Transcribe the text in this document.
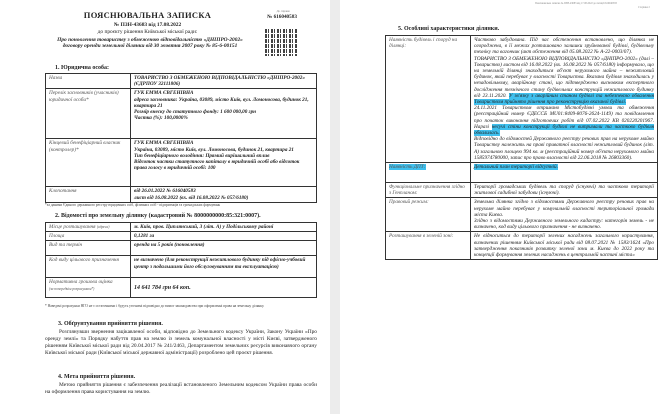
ПОЯСНЮВАЛЬНА ЗАПИСКА
№ ПЗН-43683 від 17.08.2022
до проєкту рішення Київської міської ради:
Про поновлення товариству з обмеженою відповідальністю «ДНІПРО-2002» договору оренди земельної ділянки від 30 жовтня 2007 року № 85-6-00151
До справи
№ 616040583
1. Юридична особа:
Назва	ТОВАРИСТВО З ОБМЕЖЕНОЮ ВІДПОВІДАЛЬНІСТЮ «ДНІПРО-2002» (ЄДРПОУ 32111806)
Перелік засновників (учасників) юридичної особи*	ГУК ЕММА ЄВГЕНІВНА
адреса засновника: Україна, 03089, місто Київ, вул. Ломоносова, будинок 21, квартира 21
Розмір внеску до статутного фонду: 1 600 000,00 грн
Частка (%): 100,0000%

Кінцевий бенефіціарний власник (контролер)*	ГУК ЕММА ЄВГЕНІВНА
Україна, 03089, місто Київ, вул. Ломоносова, будинок 21, квартира 21
Тип бенефіціарного володіння: Прямий вирішальний вплив
Відсоток частки статутного капіталу в юридичній особі або відсоток права голосу в юридичній особі: 100

Клопотання	від 26.01.2022 № 616040583
лист від 16.08.2022 (вх. від 16.08.2022 № 057/6180)
*за даними Єдиного державного реєстру юридичних осіб, фізичних осіб - підприємців та громадських формувань
2. Відомості про земельну ділянку (кадастровий № 8000000000:85:321:0007).
Місце розташування (адреса)	м. Київ, пров. Циплянський, 3 (літ. А) у Подільському районі
Площа	0,1281 га
Вид та термін	оренда на 5 років (поновлення)
Код виду цільового призначення	не визначено (для реконструкції нежитлового будинку під офісно-учбовий центр з подальшими його обслуговуванням та експлуатацією)

Нормативна грошова оцінка
(за попереднім розрахунком*)	14 641 784 грн 64 коп.
* Наведені розрахунки НГО не є остаточними і будуть уточнені відповідно до вимог законодавства при оформленні права на земельну ділянку.
3. Обґрунтування прийняття рішення.
Розглянувши звернення зацікавленої особи, відповідно до Земельного кодексу України, Закону України «Про оренду землі» та Порядку набуття прав на землю із земель комунальної власності у місті Києві, затвердженого рішенням Київської міської ради від 20.04.2017 № 241/2463, Департаментом земельних ресурсів виконавчого органу Київської міської ради (Київської міської державної адміністрації) розроблено цей проєкт рішення.
4. Мета прийняття рішення.
Метою прийняття рішення є забезпечення реалізації встановленого Земельним кодексом України права особи на оформлення права користування на землю.
Пояснювальна записка № ПЗН-43683 від 17.08.2022 до петиції 616040583
Сторінка 2
5. Особливі характеристики ділянки.
Наявність будівель і споруд на ділянці:	Частково забудована. Під час обстеження встановлено, що ділянка не огороджена, в її межах розташовано залишки зруйнованої будівлі, будівельну техніку та вагончик (акт обстеження від 05.08.2022 № А-22-0003/07).
ТОВАРИСТВО З ОБМЕЖЕНОЮ ВІДПОВІДАЛЬНІСТЮ «ДНІПРО-2002» (далі – Товариство) листом від 16.08.2022 (вх. 16.08.2022 № 057/6180) інформувало, що на земельній ділянці знаходиться об'єкт нерухомого майна – нежитловий будинок, який перебуває у власності Товариства. Вказана будівля знаходилась у незадовільному, аварійному стані, що підтверджено висновком експертного дослідження технічного стану будівельних конструкцій нежитлового будинку від 23.11.2020. У зв'язку з аварійним станом будівлі та небезпекою обвалення Товариством прийнято рішення про реконструкцію вказаної будівлі.
24.11.2021 Товариством отримано Містобудівні умови та обмеження (реєстраційний номер ЄДЕССБ MU01:8409-8076-2624-1149) та повідомлення про початок виконання підготовчих робіт від 07.02.2022 КВ 020220201967. Наразі несучі стіни конструкції будівлі не витримали та частково будівля обвалилась.
Відповідно до відомостей Державного реєстру речових прав на нерухоме майно Товариству належить на праві приватної власності нежитловий будинок (літ. А) загальною площею 994 кв. м (реєстраційний номер об'єкта нерухомого майна 1585974780000, запис про право власності від 22.06.2018 № 26803360).

Наявність ДПТ:	Детальний план території відсутній.
Функціональне призначення згідно з Генпланом:	Території громадських будівель та споруд (існуючі) та частково території житлової садибної забудови (існуючі).
Правовий режим:	Земельна ділянка згідно з відомостями Державного реєстру речових прав на нерухоме майно перебуває у комунальній власності територіальної громади міста Києва.
Згідно з відомостями Державного земельного кадастру: категорія земель - не визначено, код виду цільового призначення - не визначено.

Розташування в зеленій зоні:	Не відноситься до території зелених насаджень загального користування, визначених рішенням Київської міської ради від 08.07.2021 № 1583/1624 «Про затвердження показників розвитку зеленої зони м. Києва до 2022 року та концепції формування зелених насаджень в центральній частині міста»
